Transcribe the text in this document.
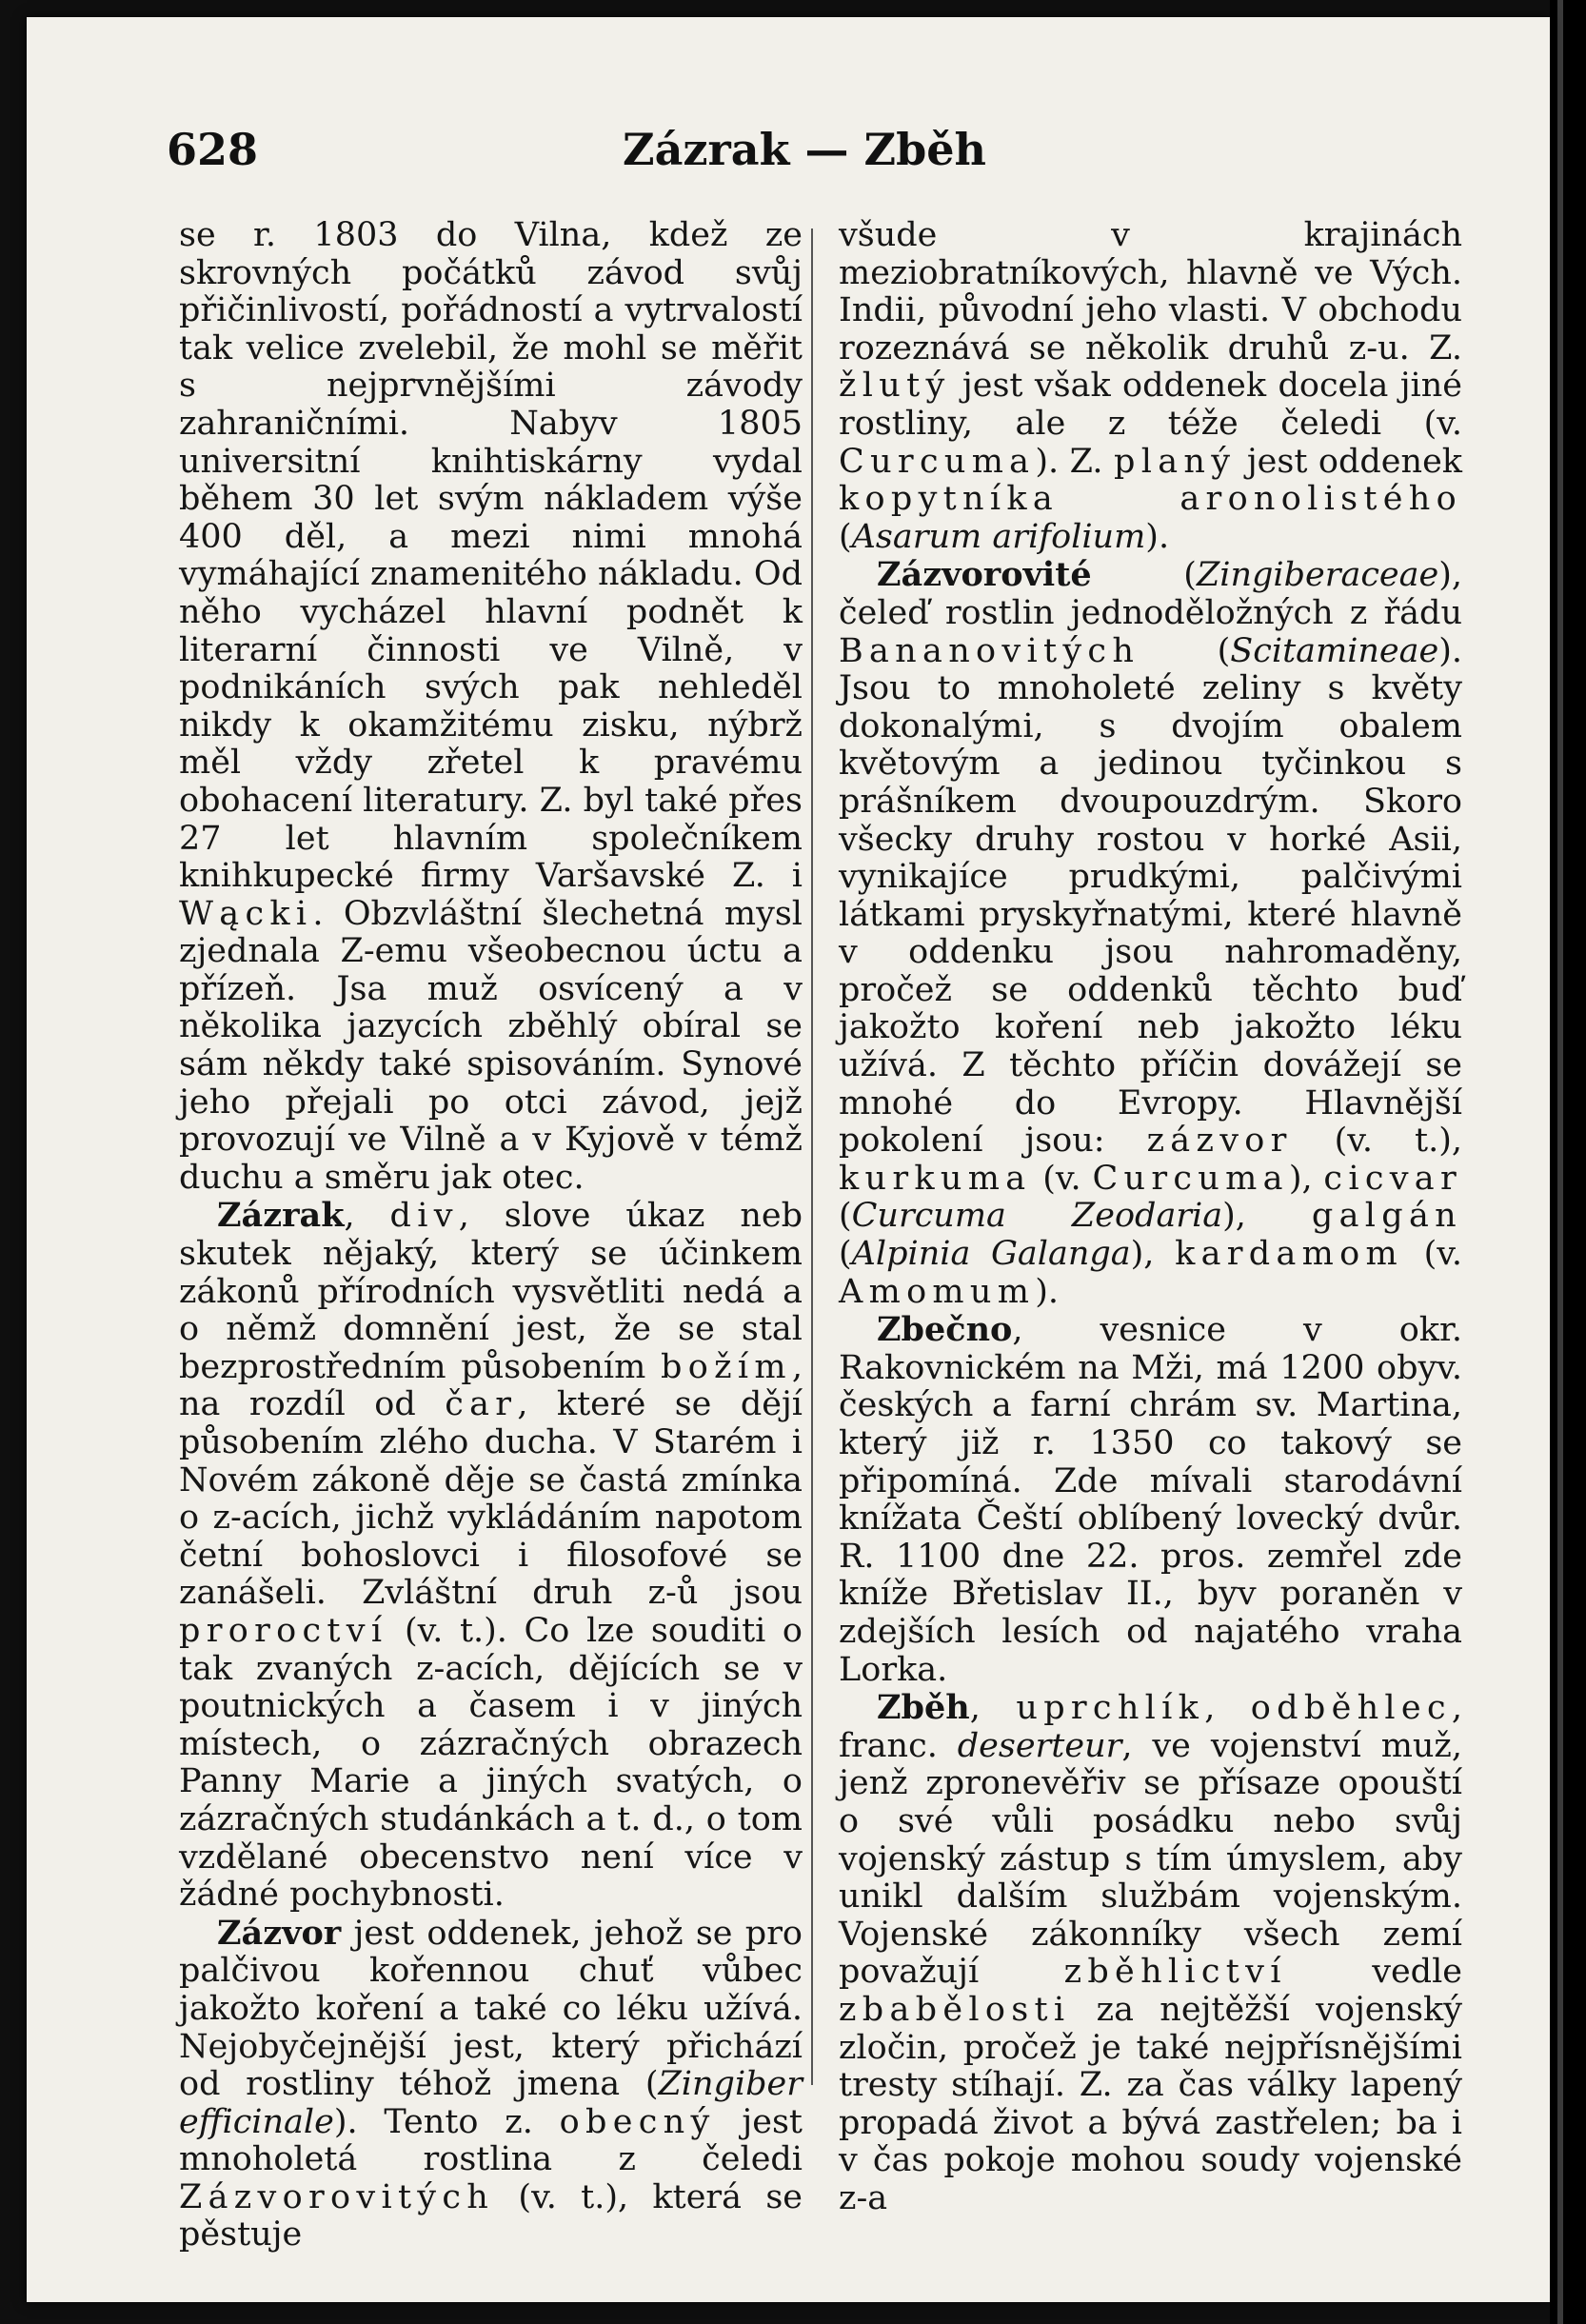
628	Zázrak — Zběh

se r. 1803 do Vilna, kdež ze skrovných počátků závod svůj přičinlivostí, pořádností a vytrvalostí tak velice zvelebil, že mohl se měřit s nejprvnějšími závody zahraničními. Nabyv 1805 universitní knihtiskárny vydal během 30 let svým nákladem výše 400 děl, a mezi nimi mnohá vymáhající znamenitého nákladu. Od něho vycházel hlavní podnět k literarní činnosti ve Vilně, v podnikáních svých pak nehleděl nikdy k okamžitému zisku, nýbrž měl vždy zřetel k pravému obohacení literatury. Z. byl také přes 27 let hlavním společníkem knihkupecké firmy Varšavské Z. i Wącki. Obzvláštní šlechetná mysl zjednala Z-emu všeobecnou úctu a přízeň. Jsa muž osvícený a v několika jazycích zběhlý obíral se sám někdy také spisováním. Synové jeho přejali po otci závod, jejž provozují ve Vilně a v Kyjově v témž duchu a směru jak otec.

Zázrak, div, slove úkaz neb skutek nějaký, který se účinkem zákonů přírodních vysvětliti nedá a o němž domnění jest, že se stal bezprostředním působením božím, na rozdíl od čar, které se dějí působením zlého ducha. V Starém i Novém zákoně děje se častá zmínka o z-acích, jichž vykládáním napotom četní bohoslovci i filosofové se zanášeli. Zvláštní druh z-ů jsou proroctví (v. t.). Co lze souditi o tak zvaných z-acích, dějících se v poutnických a časem i v jiných místech, o zázračných obrazech Panny Marie a jiných svatých, o zázračných studánkách a t. d., o tom vzdělané obecenstvo není více v žádné pochybnosti.

Zázvor jest oddenek, jehož se pro palčivou kořennou chuť vůbec jakožto koření a také co léku užívá. Nejobyčejnější jest, který přichází od rostliny téhož jmena (Zingiber efficinale). Tento z. obecný jest mnoholetá rostlina z čeledi Zázvorovitých (v. t.), která se pěstuje

všude v krajinách meziobratníkových, hlavně ve Vých. Indii, původní jeho vlasti. V obchodu rozeznává se několik druhů z-u. Z. žlutý jest však oddenek docela jiné rostliny, ale z téže čeledi (v. Curcuma). Z. planý jest oddenek kopytníka aronolistého (Asarum arifolium).

Zázvorovité (Zingiberaceae), čeleď rostlin jednoděložných z řádu Bananovitých (Scitamineae). Jsou to mnoholeté zeliny s květy dokonalými, s dvojím obalem květovým a jedinou tyčinkou s prášníkem dvoupouzdrým. Skoro všecky druhy rostou v horké Asii, vynikajíce prudkými, palčivými látkami pryskyřnatými, které hlavně v oddenku jsou nahromaděny, pročež se oddenků těchto buď jakožto koření neb jakožto léku užívá. Z těchto příčin dovážejí se mnohé do Evropy. Hlavnější pokolení jsou: zázvor (v. t.), kurkuma (v. Curcuma), cicvar (Curcuma Zeodaria), galgán (Alpinia Galanga), kardamom (v. Amomum).

Zbečno, vesnice v okr. Rakovnickém na Mži, má 1200 obyv. českých a farní chrám sv. Martina, který již r. 1350 co takový se připomíná. Zde mívali starodávní knížata Čeští oblíbený lovecký dvůr. R. 1100 dne 22. pros. zemřel zde kníže Břetislav II., byv poraněn v zdejších lesích od najatého vraha Lorka.

Zběh, uprchlík, odběhlec, franc. deserteur, ve vojenství muž, jenž zpronevěřiv se přísaze opouští o své vůli posádku nebo svůj vojenský zástup s tím úmyslem, aby unikl dalším službám vojenským. Vojenské zákonníky všech zemí považují zběhlictví vedle zbabělosti za nejtěžší vojenský zločin, pročež je také nejpřísnějšími tresty stíhají. Z. za čas války lapený propadá život a bývá zastřelen; ba i v čas pokoje mohou soudy vojenské z-a
